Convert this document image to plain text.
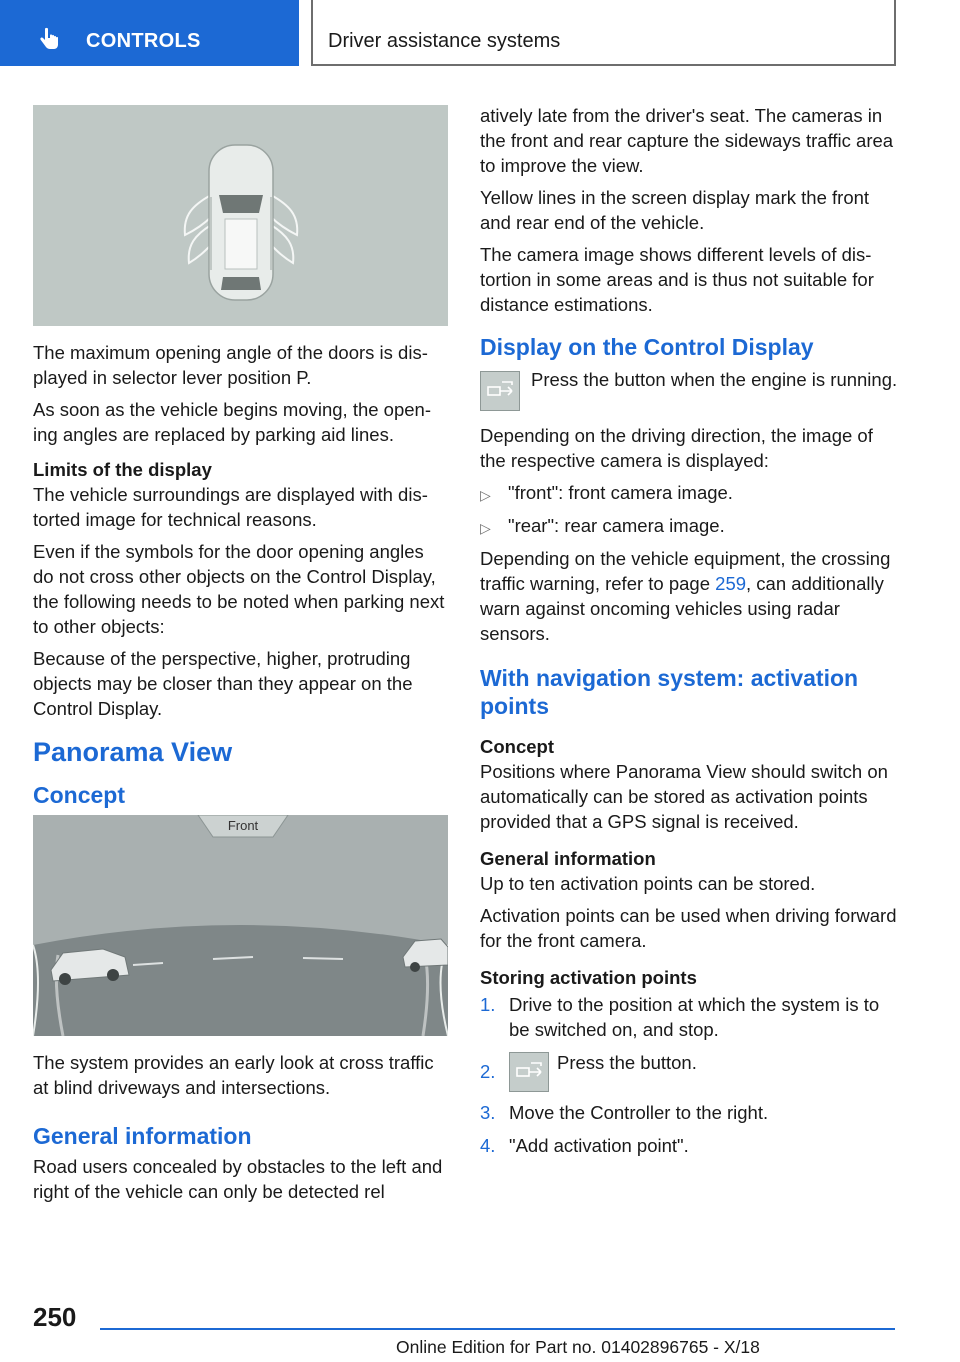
CONTROLS	Driver assistance systems

The maximum opening angle of the doors is displayed in selector lever position P.

As soon as the vehicle begins moving, the opening angles are replaced by parking aid lines.

Limits of the display

The vehicle surroundings are displayed with distorted image for technical reasons.

Even if the symbols for the door opening angles do not cross other objects on the Control Display, the following needs to be noted when parking next to other objects:

Because of the perspective, higher, protruding objects may be closer than they appear on the Control Display.

Panorama View
Concept
Front

The system provides an early look at cross traffic at blind driveways and intersections.

General information

Road users concealed by obstacles to the left and right of the vehicle can only be detected rel

atively late from the driver's seat. The cameras in the front and rear capture the sideways traffic area to improve the view.

Yellow lines in the screen display mark the front and rear end of the vehicle.

The camera image shows different levels of distortion in some areas and is thus not suitable for distance estimations.

Display on the Control Display
Press the button when the engine is running.

Depending on the driving direction, the image of the respective camera is displayed:

▷ "front": front camera image.
▷ "rear": rear camera image.

Depending on the vehicle equipment, the crossing traffic warning, refer to page 259, can additionally warn against oncoming vehicles using radar sensors.

With navigation system: activation points
Concept

Positions where Panorama View should switch on automatically can be stored as activation points provided that a GPS signal is received.

General information

Up to ten activation points can be stored.

Activation points can be used when driving forward for the front camera.

Storing activation points
1. Drive to the position at which the system is to be switched on, and stop.
2.	Press the button.
3. Move the Controller to the right.
4. "Add activation point".
250
Online Edition for Part no. 01402896765 - X/18
